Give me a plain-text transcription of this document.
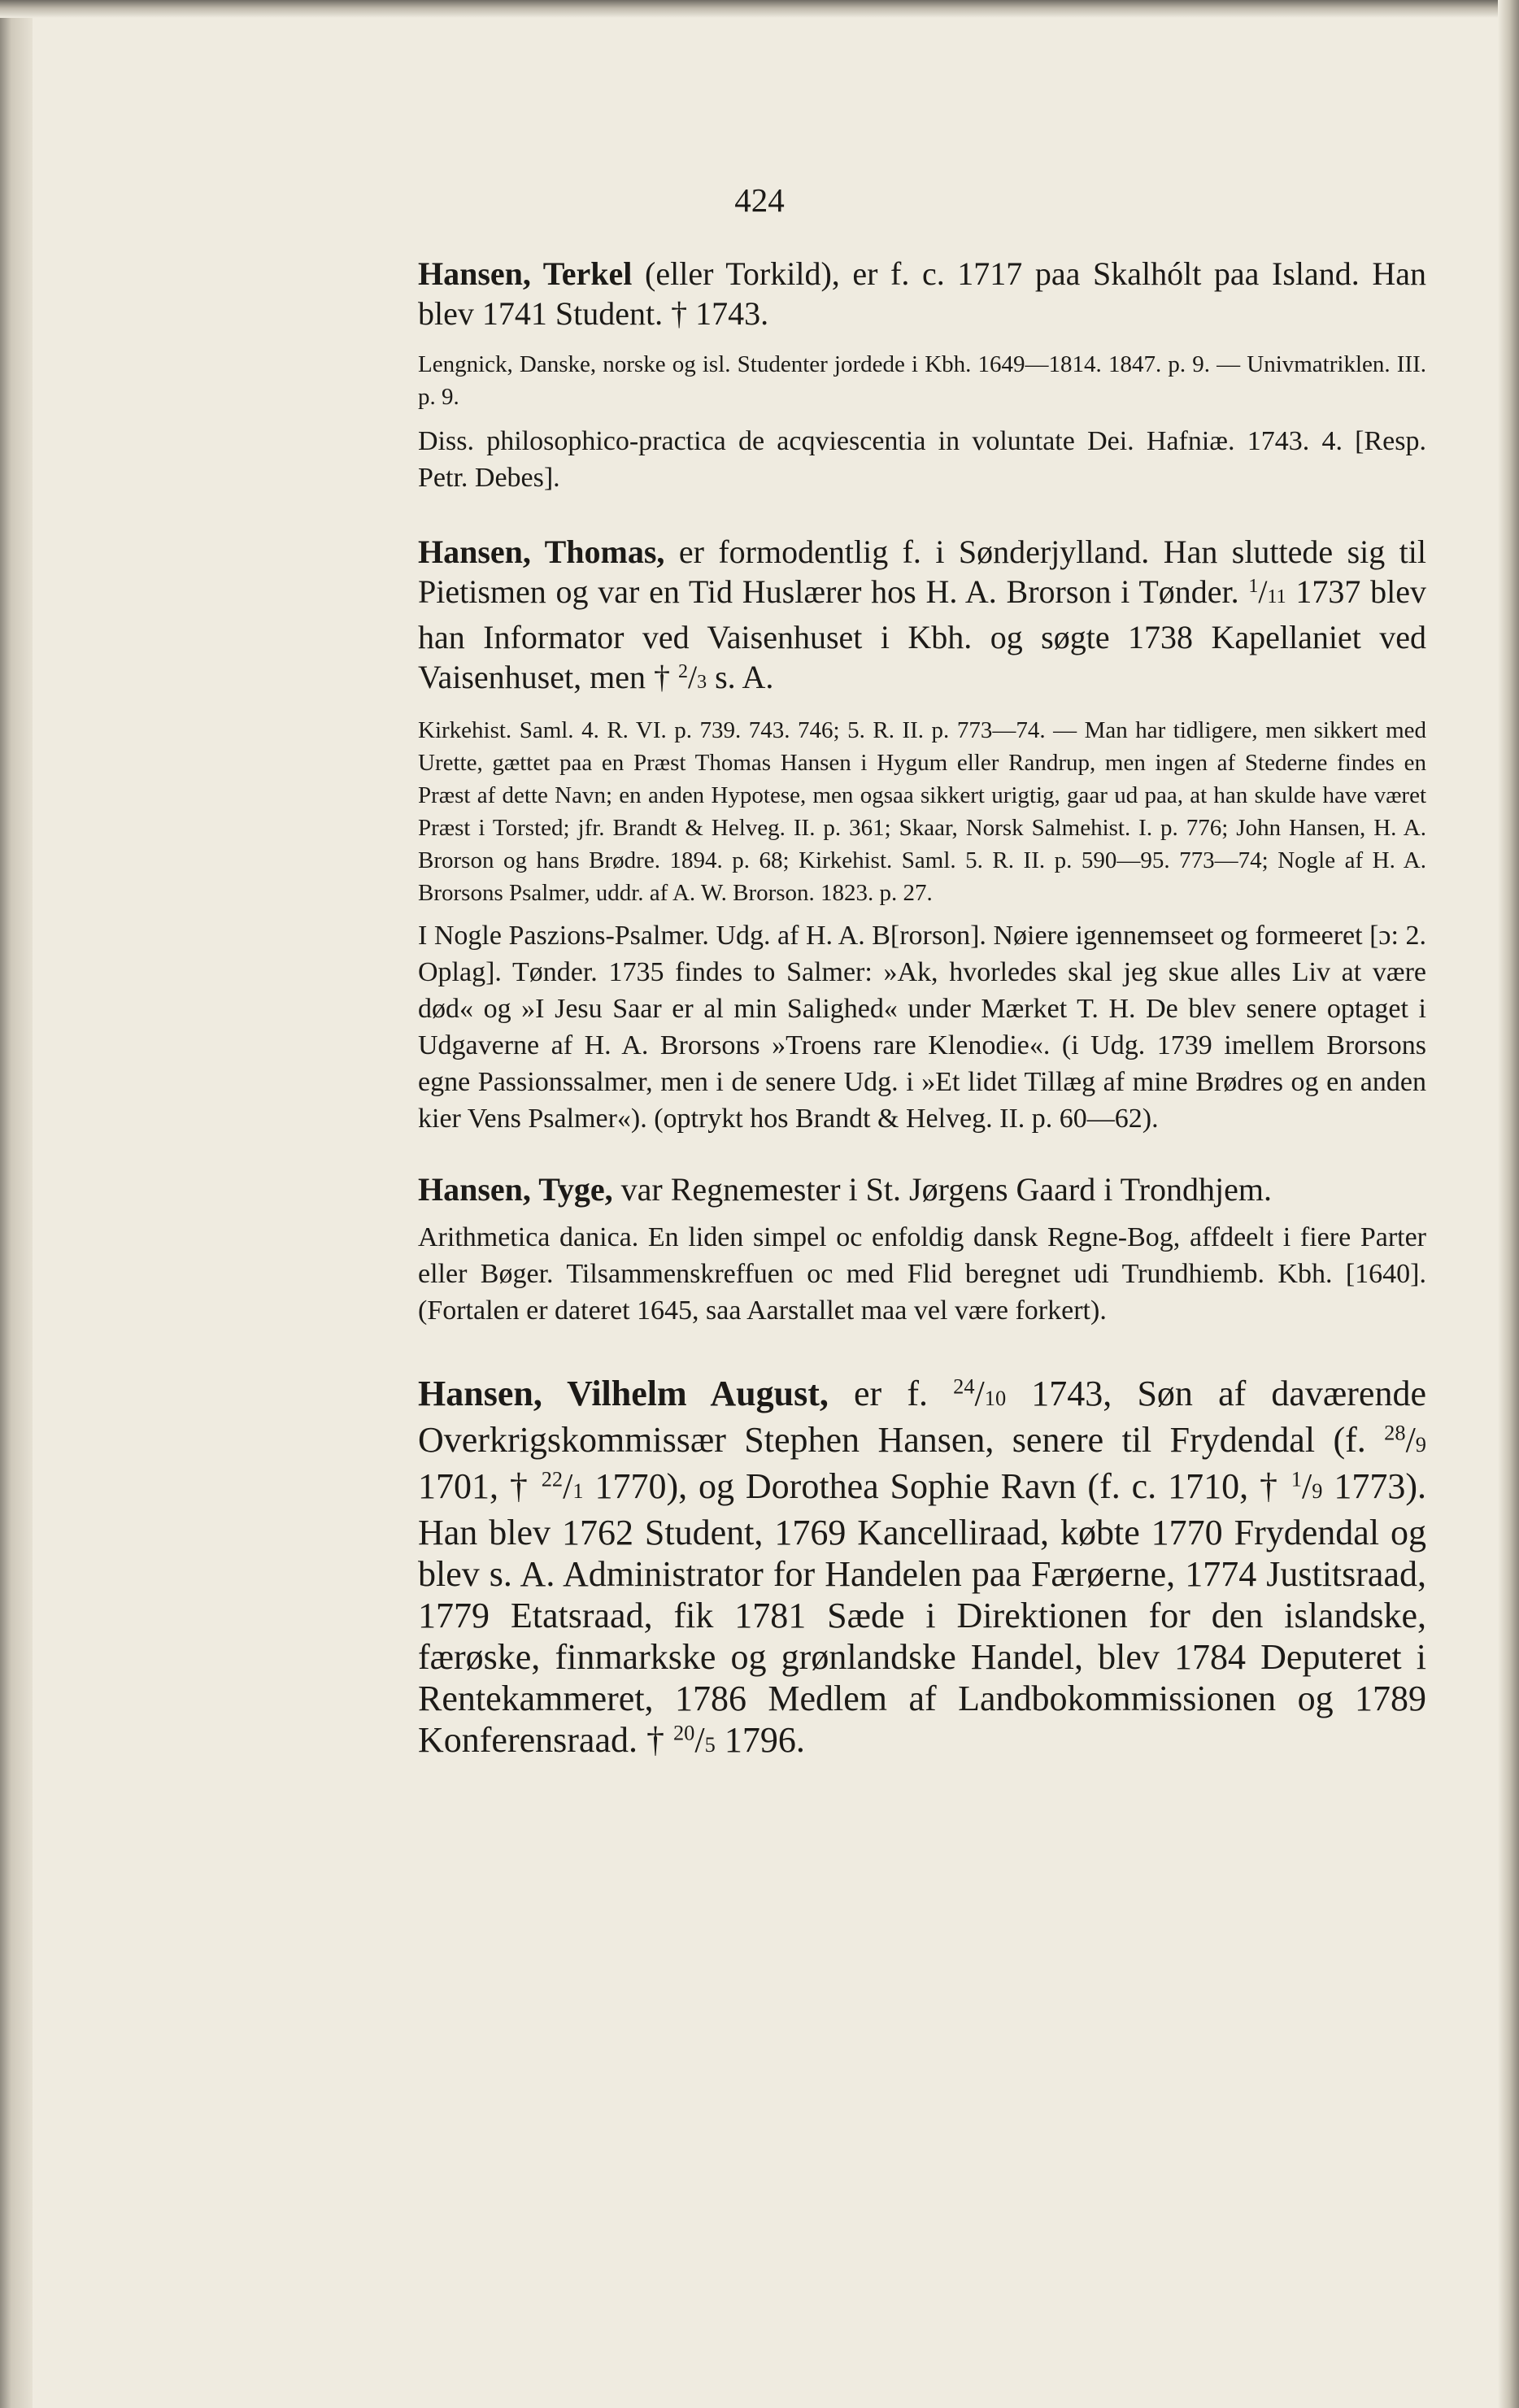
424

Hansen, Terkel (eller Torkild), er f. c. 1717 paa Skalhólt paa Island. Han blev 1741 Student. † 1743.

Lengnick, Danske, norske og isl. Studenter jordede i Kbh. 1649—1814. 1847. p. 9. — Univmatriklen. III. p. 9.

Diss. philosophico-practica de acqviescentia in voluntate Dei. Hafniæ. 1743. 4. [Resp. Petr. Debes].

Hansen, Thomas, er formodentlig f. i Sønderjylland. Han sluttede sig til Pietismen og var en Tid Huslærer hos H. A. Brorson i Tønder. $^1$/11 1737 blev han Informator ved Vaisenhuset i Kbh. og søgte 1738 Kapellaniet ved Vaisenhuset, men † $^2$/3 s. A.

Kirkehist. Saml. 4. R. VI. p. 739. 743. 746; 5. R. II. p. 773—74. — Man har tidligere, men sikkert med Urette, gættet paa en Præst Thomas Hansen i Hygum eller Randrup, men ingen af Stederne findes en Præst af dette Navn; en anden Hypotese, men ogsaa sikkert urigtig, gaar ud paa, at han skulde have været Præst i Torsted; jfr. Brandt & Helveg. II. p. 361; Skaar, Norsk Salmehist. I. p. 776; John Hansen, H. A. Brorson og hans Brødre. 1894. p. 68; Kirkehist. Saml. 5. R. II. p. 590—95. 773—74; Nogle af H. A. Brorsons Psalmer, uddr. af A. W. Brorson. 1823. p. 27.

I Nogle Paszions-Psalmer. Udg. af H. A. B[rorson]. Nøiere igennemseet og formeeret [ɔ: 2. Oplag]. Tønder. 1735 findes to Salmer: »Ak, hvorledes skal jeg skue alles Liv at være død« og »I Jesu Saar er al min Salighed« under Mærket T. H. De blev senere optaget i Udgaverne af H. A. Brorsons »Troens rare Klenodie«. (i Udg. 1739 imellem Brorsons egne Passionssalmer, men i de senere Udg. i »Et lidet Tillæg af mine Brødres og en anden kier Vens Psalmer«). (optrykt hos Brandt & Helveg. II. p. 60—62).

Hansen, Tyge, var Regnemester i St. Jørgens Gaard i Trondhjem.

Arithmetica danica. En liden simpel oc enfoldig dansk Regne-Bog, affdeelt i fiere Parter eller Bøger. Tilsammenskreffuen oc med Flid beregnet udi Trundhiemb. Kbh. [1640]. (Fortalen er dateret 1645, saa Aarstallet maa vel være forkert).

Hansen, Vilhelm August, er f. $^{24}$/10 1743, Søn af daværende Overkrigskommissær Stephen Hansen, senere til Frydendal (f. $^{28}$/9 1701, † $^{22}$/1 1770), og Dorothea Sophie Ravn (f. c. 1710, † $^1$/9 1773). Han blev 1762 Student, 1769 Kancelliraad, købte 1770 Frydendal og blev s. A. Administrator for Handelen paa Færøerne, 1774 Justitsraad, 1779 Etatsraad, fik 1781 Sæde i Direktionen for den islandske, færøske, finmarkske og grønlandske Handel, blev 1784 Deputeret i Rentekammeret, 1786 Medlem af Landbokommissionen og 1789 Konferensraad. † $^{20}$/5 1796.
